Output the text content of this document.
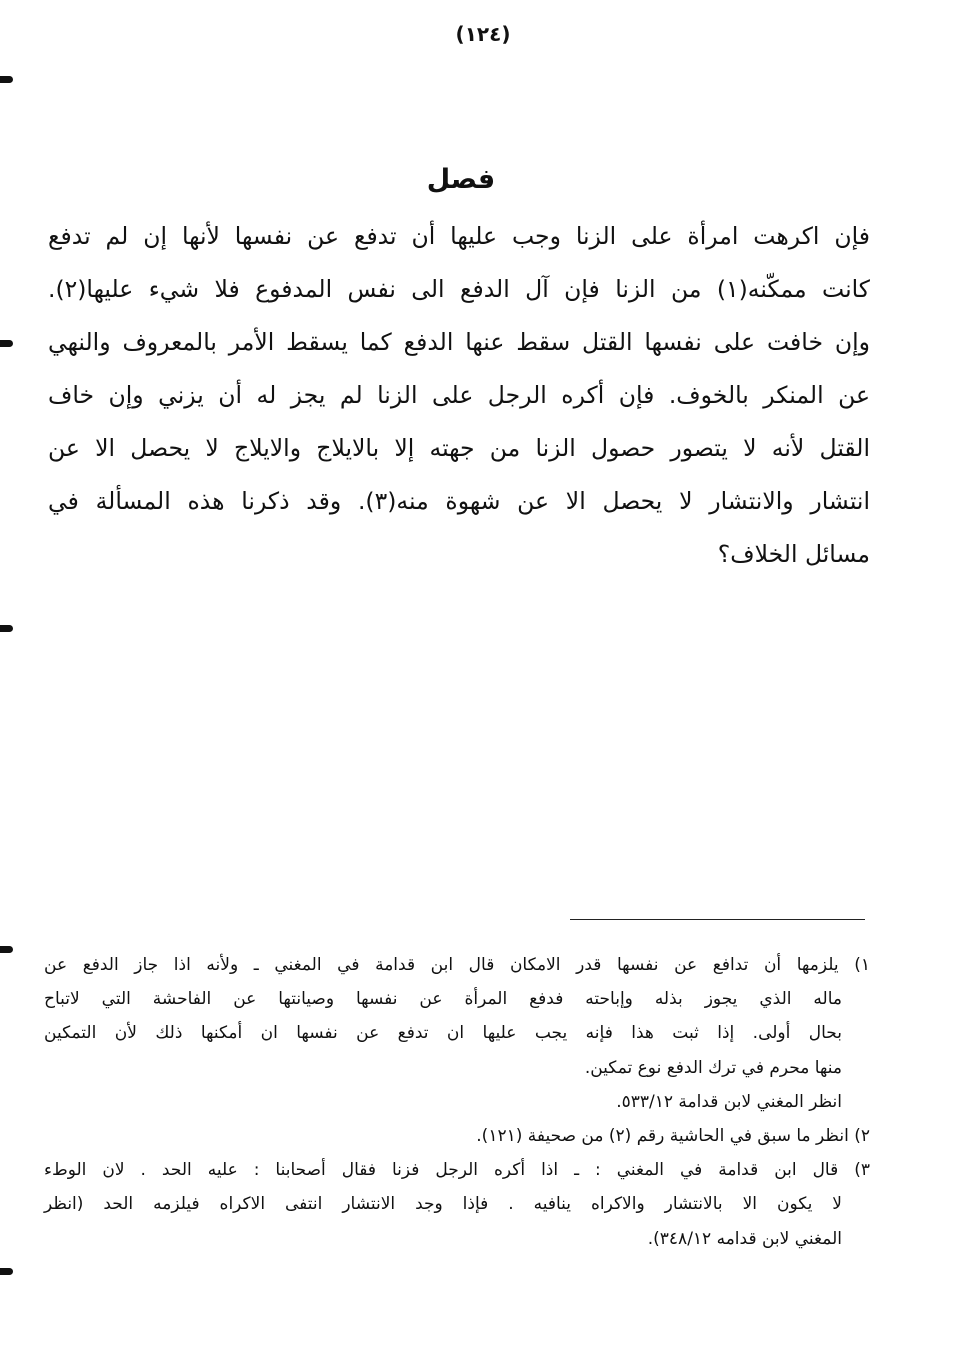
(١٢٤)
فصل
فإن اكرهت امرأة على الزنا وجب عليها أن تدفع عن نفسها لأنها إن لم تدفع
كانت ممكّنه(١) من الزنا فإن آل الدفع الى نفس المدفوع فلا شيء عليها(٢).
وإن خافت على نفسها القتل سقط عنها الدفع كما يسقط الأمر بالمعروف والنهي
عن المنكر بالخوف. فإن أكره الرجل على الزنا لم يجز له أن يزني وإن خاف
القتل لأنه لا يتصور حصول الزنا من جهته إلا بالايلاج والايلاج لا يحصل الا عن
انتشار والانتشار لا يحصل الا عن شهوة منه(٣). وقد ذكرنا هذه المسألة في
مسائل الخلاف؟
١) يلزمها أن تدافع عن نفسها قدر الامكان قال ابن قدامة في المغني ـ ولأنه اذا جاز الدفع عن
ماله الذي يجوز بذله وإباحته فدفع المرأة عن نفسها وصيانتها عن الفاحشة التي لاتباح
بحال أولى. إذا ثبت هذا فإنه يجب عليها ان تدفع عن نفسها ان أمكنها ذلك لأن التمكين
منها محرم في ترك الدفع نوع تمكين.
انظر المغني لابن قدامة ٥٣٣/١٢.
٢) انظر ما سبق في الحاشية رقم (٢) من صحيفة (١٢١).
٣) قال ابن قدامة في المغني : ـ اذا أكره الرجل فزنا فقال أصحابنا : عليه الحد . لان الوطء
لا يكون الا بالانتشار والاكراه ينافيه . فإذا وجد الانتشار انتفى الاكراه فيلزمه الحد (انظر
المغني لابن قدامه ٣٤٨/١٢).
